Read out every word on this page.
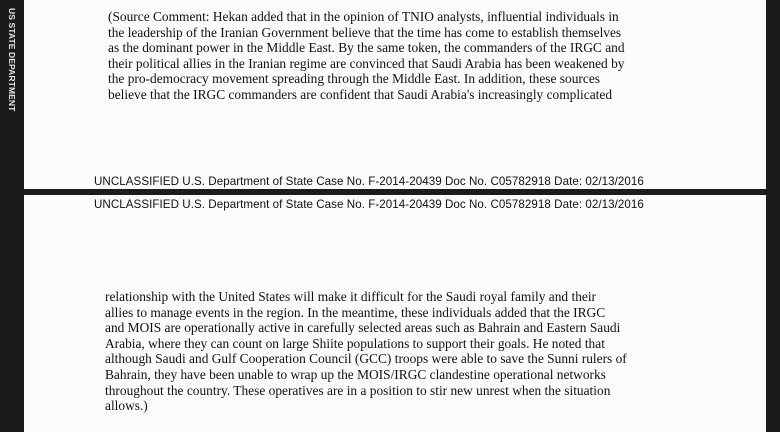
US STATE DEPARTMENT	(Source Comment: Hekan added that in the opinion of TNIO analysts, influential individuals in
the leadership of the Iranian Government believe that the time has come to establish themselves
as the dominant power in the Middle East. By the same token, the commanders of the IRGC and
their political allies in the Iranian regime are convinced that Saudi Arabia has been weakened by
the pro-democracy movement spreading through the Middle East. In addition, these sources
believe that the IRGC commanders are confident that Saudi Arabia's increasingly complicated

UNCLASSIFIED U.S. Department of State Case No. F-2014-20439 Doc No. C05782918 Date: 02/13/2016
UNCLASSIFIED U.S. Department of State Case No. F-2014-20439 Doc No. C05782918 Date: 02/13/2016

relationship with the United States will make it difficult for the Saudi royal family and their
allies to manage events in the region. In the meantime, these individuals added that the IRGC
and MOIS are operationally active in carefully selected areas such as Bahrain and Eastern Saudi
Arabia, where they can count on large Shiite populations to support their goals. He noted that
although Saudi and Gulf Cooperation Council (GCC) troops were able to save the Sunni rulers of
Bahrain, they have been unable to wrap up the MOIS/IRGC clandestine operational networks
throughout the country. These operatives are in a position to stir new unrest when the situation
allows.)
